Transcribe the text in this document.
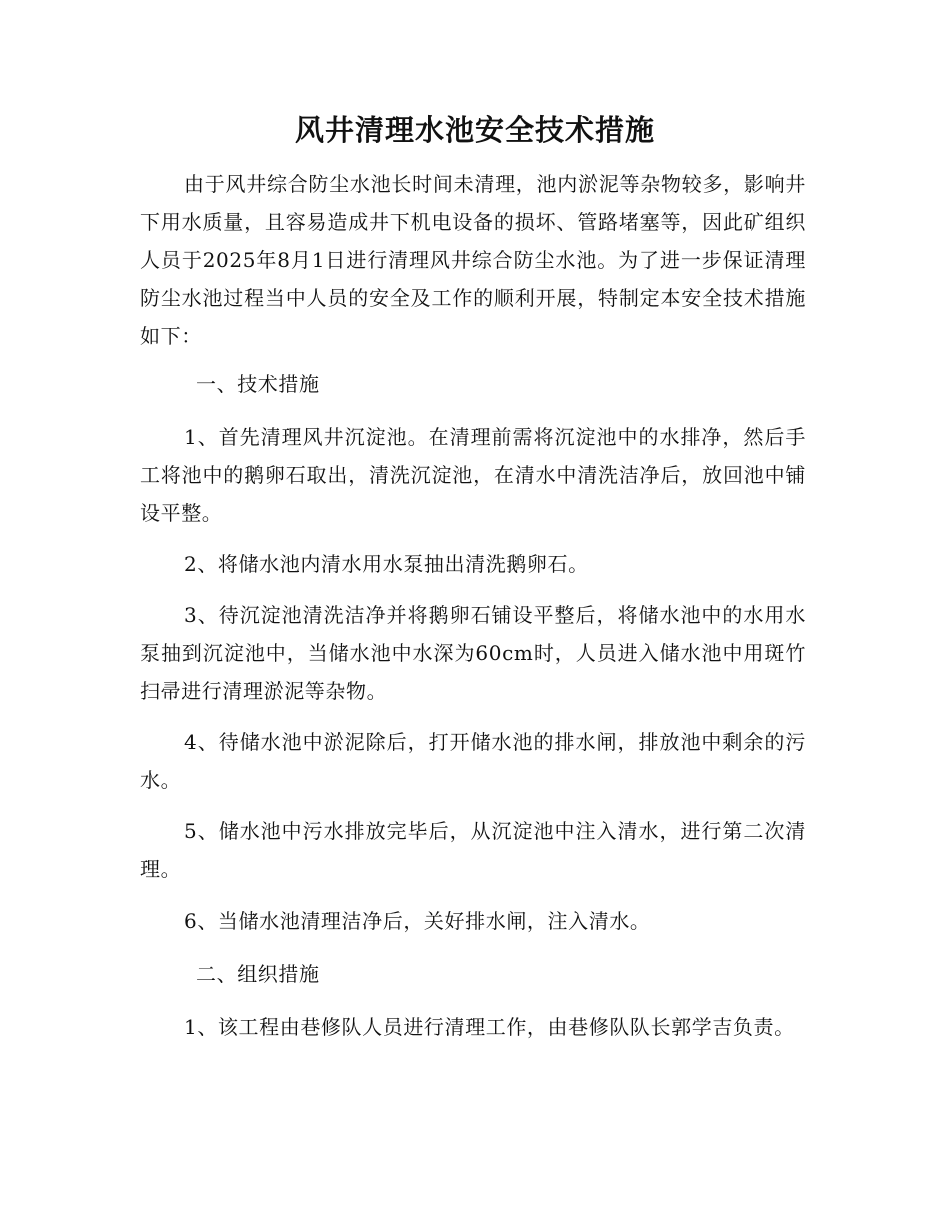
风井清理水池安全技术措施

由于风井综合防尘水池长时间未清理，池内淤泥等杂物较多，影响井下用水质量，且容易造成井下机电设备的损坏、管路堵塞等，因此矿组织人员于2025年8月1日进行清理风井综合防尘水池。为了进一步保证清理防尘水池过程当中人员的安全及工作的顺利开展，特制定本安全技术措施如下：

一、技术措施

1、首先清理风井沉淀池。在清理前需将沉淀池中的水排净，然后手工将池中的鹅卵石取出，清洗沉淀池，在清水中清洗洁净后，放回池中铺设平整。

2、将储水池内清水用水泵抽出清洗鹅卵石。

3、待沉淀池清洗洁净并将鹅卵石铺设平整后，将储水池中的水用水泵抽到沉淀池中，当储水池中水深为60cm时，人员进入储水池中用斑竹扫帚进行清理淤泥等杂物。

4、待储水池中淤泥除后，打开储水池的排水闸，排放池中剩余的污水。

5、储水池中污水排放完毕后，从沉淀池中注入清水，进行第二次清理。

6、当储水池清理洁净后，关好排水闸，注入清水。

二、组织措施

1、该工程由巷修队人员进行清理工作，由巷修队队长郭学吉负责。
